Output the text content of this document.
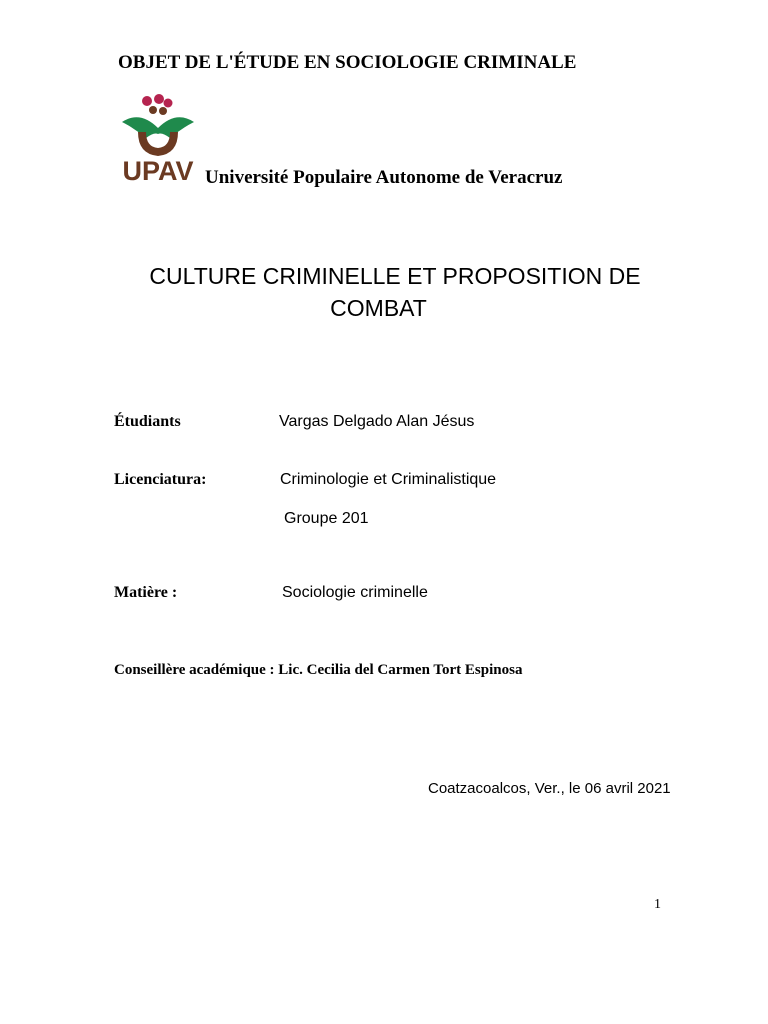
OBJET DE L'ÉTUDE EN SOCIOLOGIE CRIMINALE
UPAV Université Populaire Autonome de Veracruz
CULTURE CRIMINELLE ET PROPOSITION DE
COMBAT
Étudiants	Vargas Delgado Alan Jésus
Licenciatura:	Criminologie et Criminalistique
Groupe 201
Matière :	Sociologie criminelle
Conseillère académique : Lic. Cecilia del Carmen Tort Espinosa
Coatzacoalcos, Ver., le 06 avril 2021
1
